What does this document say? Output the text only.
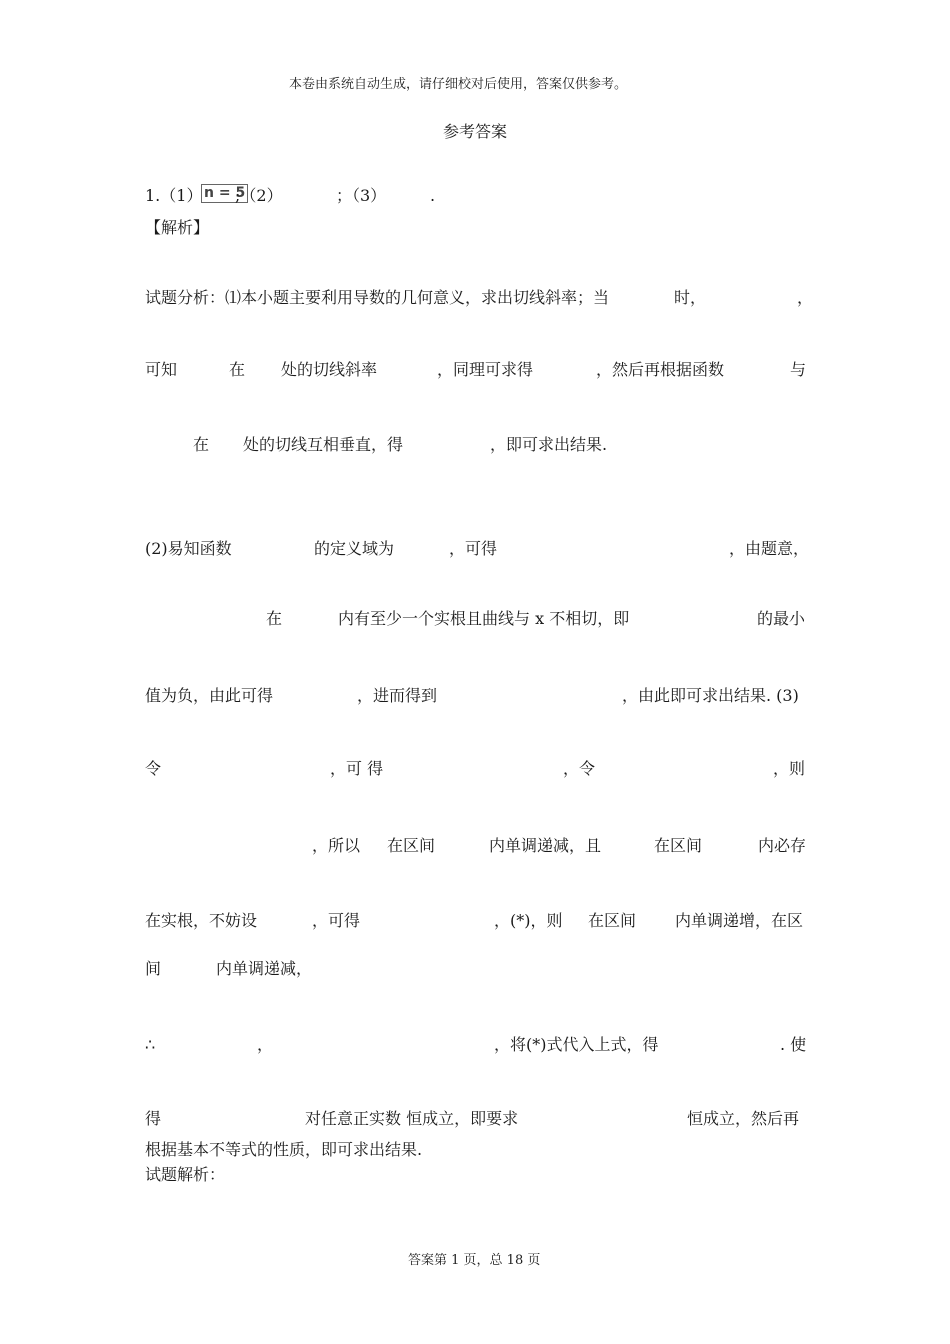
本卷由系统自动生成，请仔细校对后使用，答案仅供参考。
参考答案
1.（1） n = 5
;（2）	；（3）	.
【解析】
试题分析：⑴本小题主要利用导数的几何意义，求出切线斜率；当	时，	，
可知	在 处的切线斜率	，同理可求得	，然后再根据函数	与
在 处的切线互相垂直，得	，即可求出结果.
(2)易知函数	的定义域为	，可得	，由题意，
在	内有至少一个实根且曲线与 x 不相切，即	的最小
值为负，由此可得	，进而得到	，由此即可求出结果. (3)
令	，可 得	，令	，则
，所以 在区间	内单调递减，且	在区间	内必存
在实根，不妨设	，可得	，(*)，则 在区间 内单调递增，在区
间	内单调递减，
∴	，	，将(*)式代入上式，得	. 使
得	对任意正实数 恒成立，即要求	恒成立，然后再
根据基本不等式的性质，即可求出结果.
试题解析：
答案第 1 页，总 18 页
